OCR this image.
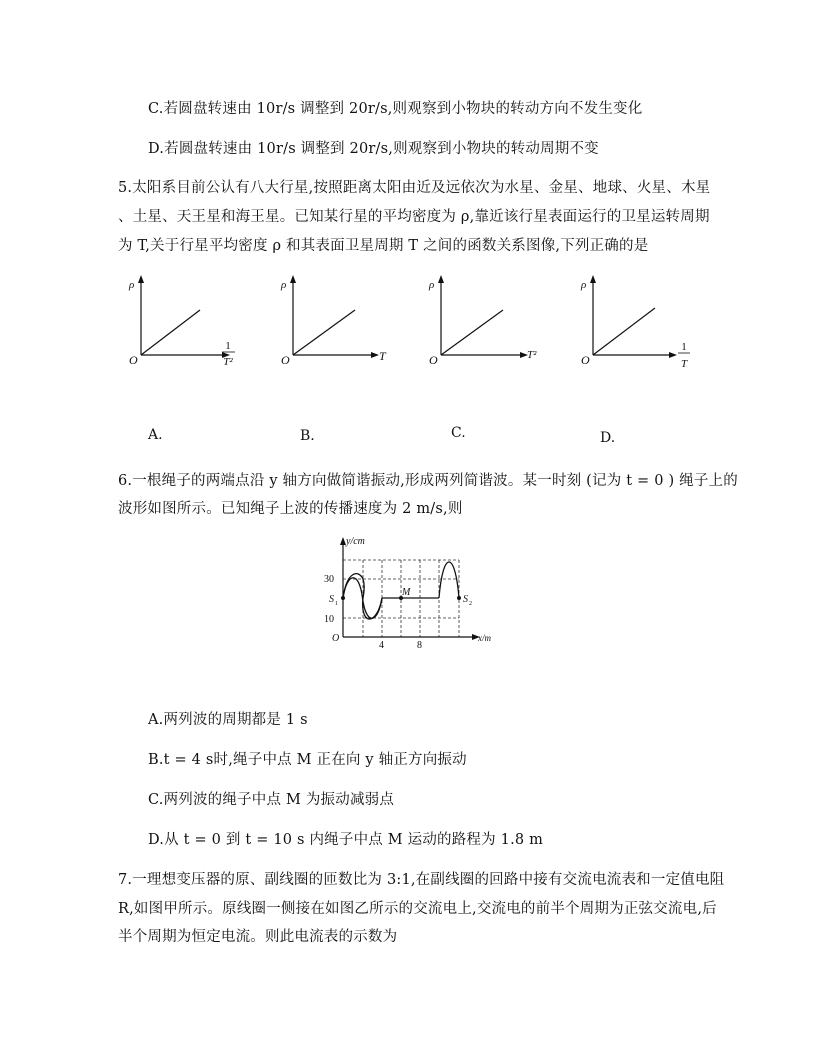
C.若圆盘转速由 10r/s 调整到 20r/s,则观察到小物块的转动方向不发生变化
D.若圆盘转速由 10r/s 调整到 20r/s,则观察到小物块的转动周期不变
5.太阳系目前公认有八大行星,按照距离太阳由近及远依次为水星、金星、地球、火星、木星
、土星、天王星和海王星。已知某行星的平均密度为 ρ,靠近该行星表面运行的卫星运转周期
为 T,关于行星平均密度 ρ 和其表面卫星周期 T 之间的函数关系图像,下列正确的是
ρ
O
1
T²
A.
ρ
O	T
B.
ρ
O	T²
C.
ρ
O
1
T
D.
6.一根绳子的两端点沿 y 轴方向做简谐振动,形成两列简谐波。某一时刻 (记为 t = 0 ) 绳子上的
波形如图所示。已知绳子上波的传播速度为 2 m/s,则
y/cm
x/m
30
10
O
4	8
S 1	S 2
M
A.两列波的周期都是 1 s
B.t = 4 s时,绳子中点 M 正在向 y 轴正方向振动
C.两列波的绳子中点 M 为振动减弱点
D.从 t = 0 到 t = 10 s 内绳子中点 M 运动的路程为 1.8 m
7.一理想变压器的原、副线圈的匝数比为 3:1,在副线圈的回路中接有交流电流表和一定值电阻
R,如图甲所示。原线圈一侧接在如图乙所示的交流电上,交流电的前半个周期为正弦交流电,后
半个周期为恒定电流。则此电流表的示数为
